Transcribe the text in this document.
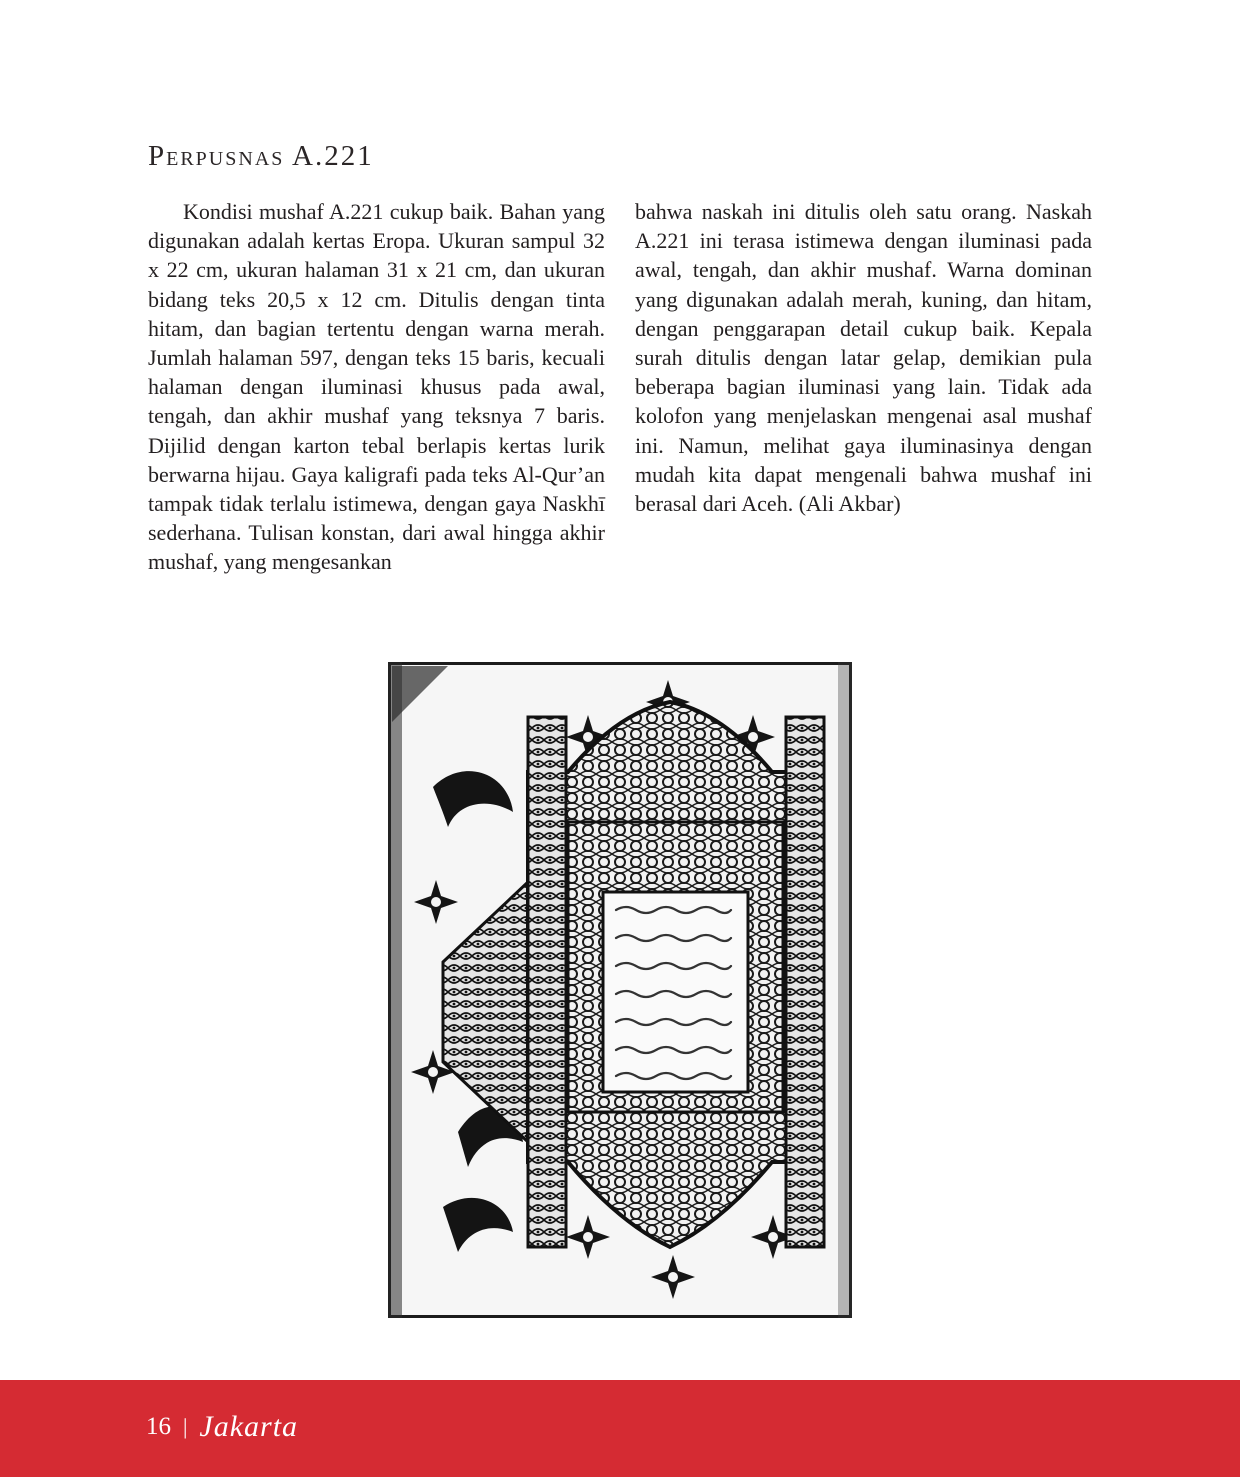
Perpusnas A.221

Kondisi mushaf A.221 cukup baik. Bahan yang digunakan adalah kertas Eropa. Ukuran sampul 32 x 22 cm, ukuran halaman 31 x 21 cm, dan ukuran bidang teks 20,5 x 12 cm. Ditulis dengan tinta hitam, dan bagian tertentu dengan warna merah. Jumlah halaman 597, dengan teks 15 baris, kecuali halaman dengan iluminasi khusus pada awal, tengah, dan akhir mushaf yang teksnya 7 baris. Dijilid dengan karton tebal berlapis kertas lurik berwarna hijau. Gaya kaligrafi pada teks Al-Qur’an tampak tidak terlalu istimewa, dengan gaya Naskhī sederhana. Tulisan konstan, dari awal hingga akhir mushaf, yang mengesankan

bahwa naskah ini ditulis oleh satu orang. Naskah A.221 ini terasa istimewa dengan iluminasi pada awal, tengah, dan akhir mushaf. Warna dominan yang digunakan adalah merah, kuning, dan hitam, dengan penggarapan detail cukup baik. Kepala surah ditulis dengan latar gelap, demikian pula beberapa bagian iluminasi yang lain. Tidak ada kolofon yang menjelaskan mengenai asal mushaf ini. Namun, melihat gaya iluminasinya dengan mudah kita dapat mengenali bahwa mushaf ini berasal dari Aceh. (Ali Akbar)

16 | Jakarta
